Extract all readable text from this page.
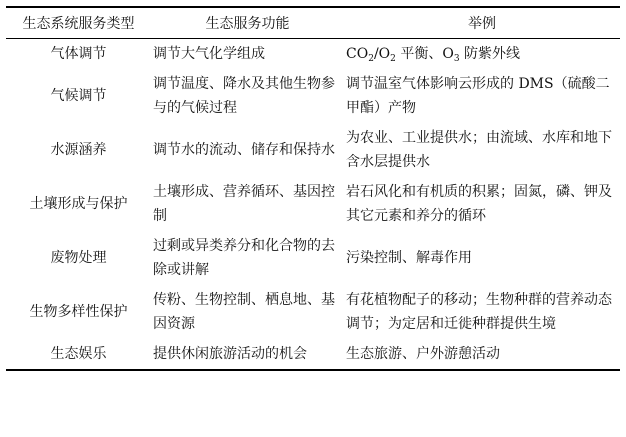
生态系统服务类型	生态服务功能	举例
气体调节	调节大气化学组成	$CO_2/O_2$ 平衡、$O_3$ 防紫外线
气候调节	调节温度、降水及其他生物参与的气候过程	调节温室气体影响云形成的 DMS（硫酸二甲酯）产物
水源涵养	调节水的流动、储存和保持水	为农业、工业提供水；由流域、水库和地下含水层提供水
土壤形成与保护	土壤形成、营养循环、基因控制	岩石风化和有机质的积累；固氮，磷、钾及其它元素和养分的循环
废物处理	过剩或异类养分和化合物的去除或讲解	污染控制、解毒作用
生物多样性保护	传粉、生物控制、栖息地、基因资源	有花植物配子的移动；生物种群的营养动态调节；为定居和迁徙种群提供生境
生态娱乐	提供休闲旅游活动的机会	生态旅游、户外游憩活动
